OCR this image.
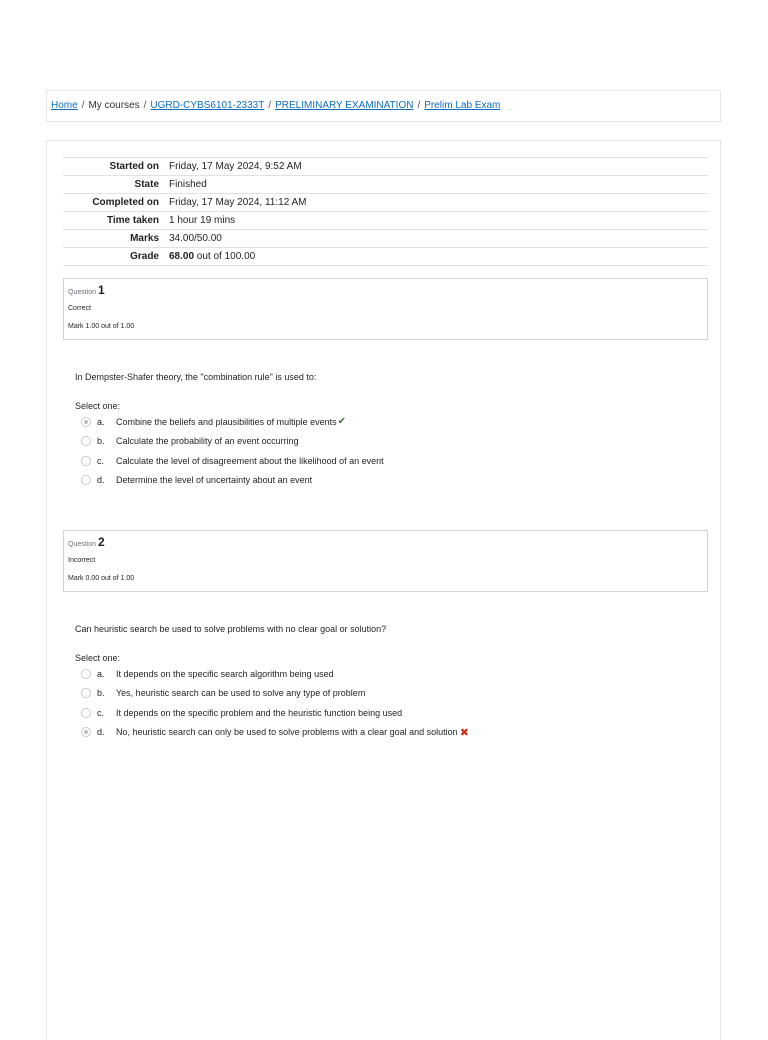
Home / My courses / UGRD-CYBS6101-2333T / PRELIMINARY EXAMINATION / Prelim Lab Exam
Started on	Friday, 17 May 2024, 9:52 AM
State	Finished
Completed on	Friday, 17 May 2024, 11:12 AM
Time taken	1 hour 19 mins
Marks	34.00/50.00
Grade	68.00 out of 100.00
Question 1
Correct
Mark 1.00 out of 1.00
In Dempster-Shafer theory, the "combination rule" is used to:
Select one:
a.	Combine the beliefs and plausibilities of multiple events ✔
b.	Calculate the probability of an event occurring
c.	Calculate the level of disagreement about the likelihood of an event
d.	Determine the level of uncertainty about an event
Question 2
Incorrect
Mark 0.00 out of 1.00
Can heuristic search be used to solve problems with no clear goal or solution?
Select one:
a.	It depends on the specific search algorithm being used
b.	Yes, heuristic search can be used to solve any type of problem
c.	It depends on the specific problem and the heuristic function being used
d.	No, heuristic search can only be used to solve problems with a clear goal and solution ✖
